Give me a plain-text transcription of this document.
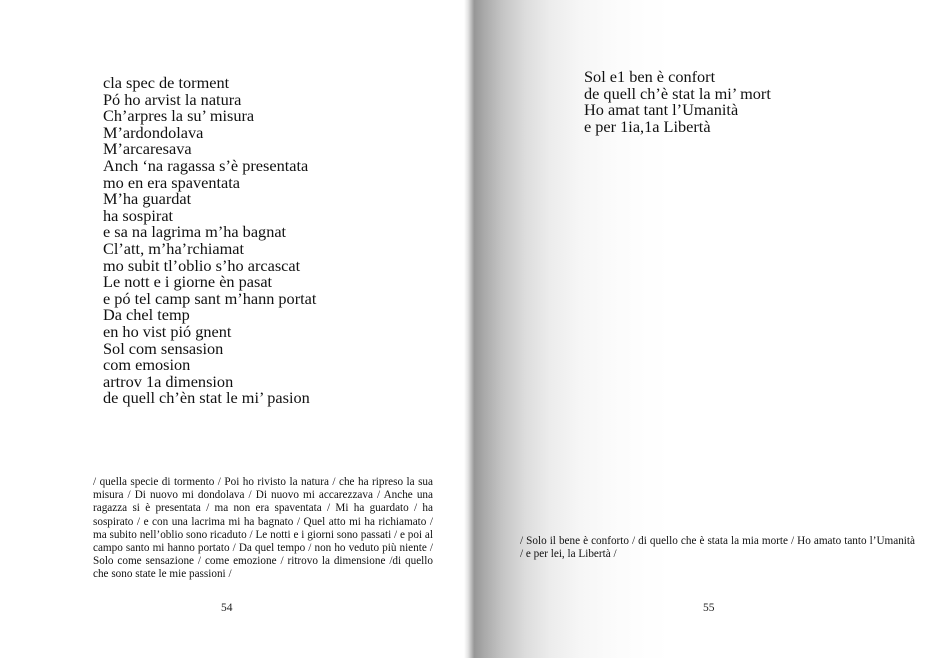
cla spec de torment
Pó ho arvist la natura
Ch’arpres la su’ misura
M’ardondolava
M’arcaresava
Anch ‘na ragassa s’è presentata
mo en era spaventata
M’ha guardat
ha sospirat
e sa na lagrima m’ha bagnat
Cl’att, m’ha’rchiamat
mo subit tl’oblio s’ho arcascat
Le nott e i giorne èn pasat
e pó tel camp sant m’hann portat
Da chel temp
en ho vist pió gnent
Sol com sensasion
com emosion
artrov 1a dimension
de quell ch’èn stat le mi’ pasion

/ quella specie di tormento / Poi ho rivisto la natura / che ha ripreso la sua misura / Di nuovo mi dondolava / Di nuovo mi accarezzava / Anche una ragazza si è presentata / ma non era spaventata / Mi ha guardato / ha sospirato / e con una lacrima mi ha bagnato / Quel atto mi ha richiamato / ma subito nell’oblio sono ricaduto / Le notti e i giorni sono passati / e poi al campo santo mi hanno portato / Da quel tempo / non ho veduto più niente / Solo come sensazione / come emozione / ritrovo la dimensione /di quello che sono state le mie passioni /

54

Sol e1 ben è confort
de quell ch’è stat la mi’ mort
Ho amat tant l’Umanità
e per 1ia,1a Libertà

/ Solo il bene è conforto / di quello che è stata la mia morte / Ho amato tanto l’Umanità / e per lei, la Libertà /

55
